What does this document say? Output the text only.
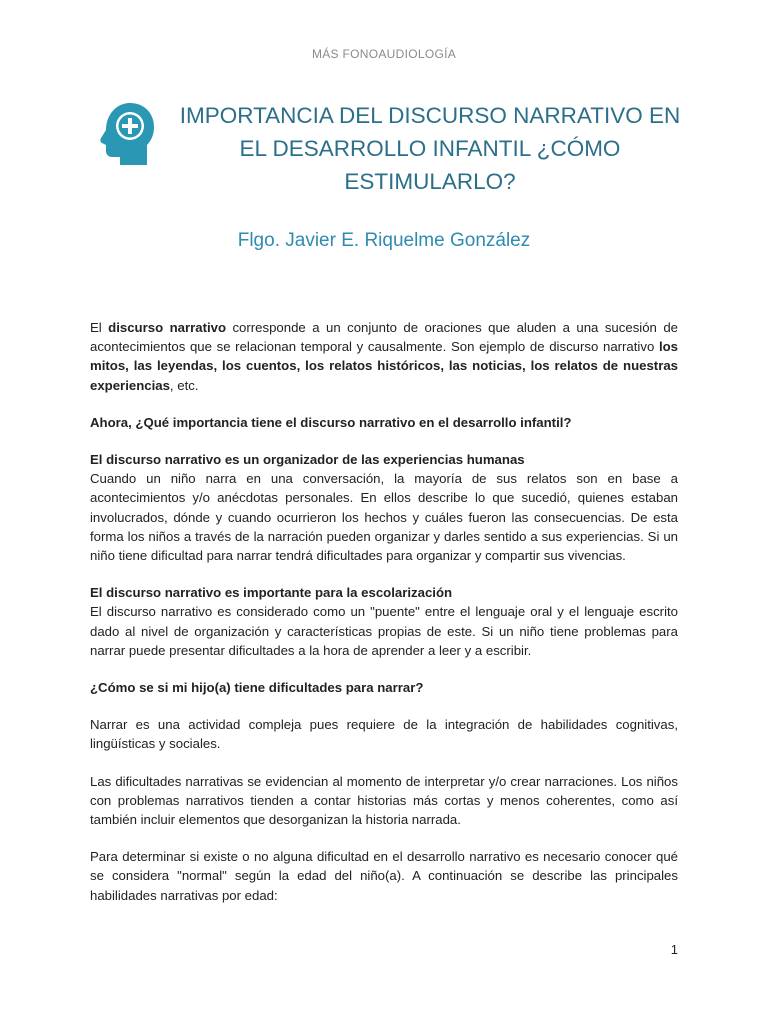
MÁS FONOAUDIOLOGÍA
IMPORTANCIA DEL DISCURSO NARRATIVO EN
EL DESARROLLO INFANTIL ¿CÓMO
ESTIMULARLO?
Flgo. Javier E. Riquelme González

El discurso narrativo corresponde a un conjunto de oraciones que aluden a una sucesión de acontecimientos que se relacionan temporal y causalmente. Son ejemplo de discurso narrativo los mitos, las leyendas, los cuentos, los relatos históricos, las noticias, los relatos de nuestras experiencias, etc.

Ahora, ¿Qué importancia tiene el discurso narrativo en el desarrollo infantil?

El discurso narrativo es un organizador de las experiencias humanas

Cuando un niño narra en una conversación, la mayoría de sus relatos son en base a acontecimientos y/o anécdotas personales. En ellos describe lo que sucedió, quienes estaban involucrados, dónde y cuando ocurrieron los hechos y cuáles fueron las consecuencias. De esta forma los niños a través de la narración pueden organizar y darles sentido a sus experiencias. Si un niño tiene dificultad para narrar tendrá dificultades para organizar y compartir sus vivencias.

El discurso narrativo es importante para la escolarización

El discurso narrativo es considerado como un "puente" entre el lenguaje oral y el lenguaje escrito dado al nivel de organización y características propias de este. Si un niño tiene problemas para narrar puede presentar dificultades a la hora de aprender a leer y a escribir.

¿Cómo se si mi hijo(a) tiene dificultades para narrar?

Narrar es una actividad compleja pues requiere de la integración de habilidades cognitivas, lingüísticas y sociales.

Las dificultades narrativas se evidencian al momento de interpretar y/o crear narraciones. Los niños con problemas narrativos tienden a contar historias más cortas y menos coherentes, como así también incluir elementos que desorganizan la historia narrada.

Para determinar si existe o no alguna dificultad en el desarrollo narrativo es necesario conocer qué se considera "normal" según la edad del niño(a). A continuación se describe las principales habilidades narrativas por edad:

1
